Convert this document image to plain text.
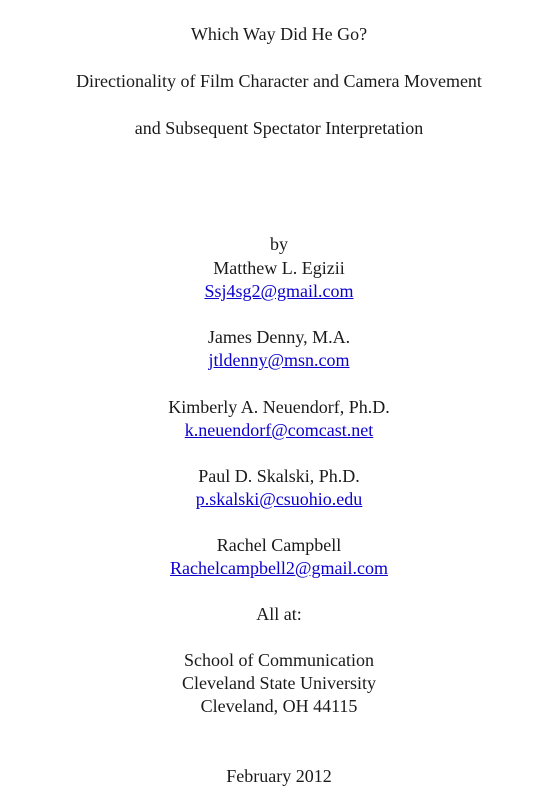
Which Way Did He Go?
Directionality of Film Character and Camera Movement
and Subsequent Spectator Interpretation
by
Matthew L. Egizii
Ssj4sg2@gmail.com
James Denny, M.A.
jtldenny@msn.com
Kimberly A. Neuendorf, Ph.D.
k.neuendorf@comcast.net
Paul D. Skalski, Ph.D.
p.skalski@csuohio.edu
Rachel Campbell
Rachelcampbell2@gmail.com
All at:
School of Communication
Cleveland State University
Cleveland, OH 44115
February 2012
